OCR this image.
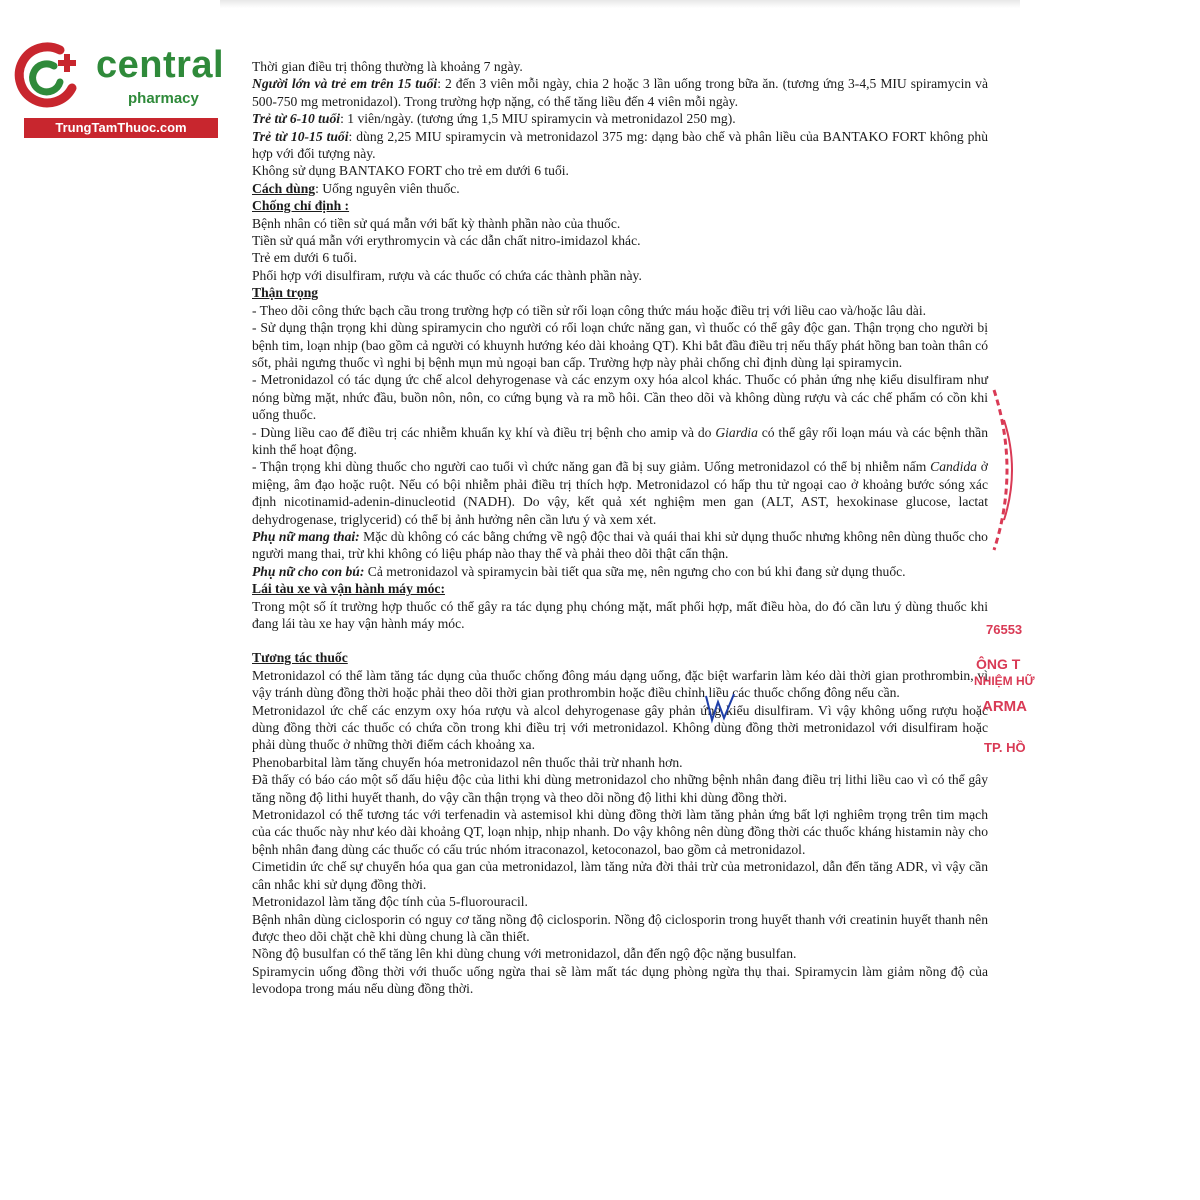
central
pharmacy
TrungTamThuoc.com

Thời gian điều trị thông thường là khoảng 7 ngày.

Người lớn và trẻ em trên 15 tuổi: 2 đến 3 viên mỗi ngày, chia 2 hoặc 3 lần uống trong bữa ăn. (tương ứng 3-4,5 MIU spiramycin và 500-750 mg metronidazol). Trong trường hợp nặng, có thể tăng liều đến 4 viên mỗi ngày.

Trẻ từ 6-10 tuổi: 1 viên/ngày. (tương ứng 1,5 MIU spiramycin và metronidazol 250 mg).

Trẻ từ 10-15 tuổi: dùng 2,25 MIU spiramycin và metronidazol 375 mg: dạng bào chế và phân liều của BANTAKO FORT không phù hợp với đối tượng này.

Không sử dụng BANTAKO FORT cho trẻ em dưới 6 tuổi.

Cách dùng: Uống nguyên viên thuốc.

Chống chỉ định :

Bệnh nhân có tiền sử quá mẫn với bất kỳ thành phần nào của thuốc.

Tiền sử quá mẫn với erythromycin và các dẫn chất nitro-imidazol khác.

Trẻ em dưới 6 tuổi.

Phối hợp với disulfiram, rượu và các thuốc có chứa các thành phần này.

Thận trọng

- Theo dõi công thức bạch cầu trong trường hợp có tiền sử rối loạn công thức máu hoặc điều trị với liều cao và/hoặc lâu dài.

- Sử dụng thận trọng khi dùng spiramycin cho người có rối loạn chức năng gan, vì thuốc có thể gây độc gan. Thận trọng cho người bị bệnh tim, loạn nhịp (bao gồm cả người có khuynh hướng kéo dài khoảng QT). Khi bắt đầu điều trị nếu thấy phát hồng ban toàn thân có sốt, phải ngưng thuốc vì nghi bị bệnh mụn mủ ngoại ban cấp. Trường hợp này phải chống chỉ định dùng lại spiramycin.

- Metronidazol có tác dụng ức chế alcol dehyrogenase và các enzym oxy hóa alcol khác. Thuốc có phản ứng nhẹ kiểu disulfiram như nóng bừng mặt, nhức đầu, buồn nôn, nôn, co cứng bụng và ra mồ hôi. Cần theo dõi và không dùng rượu và các chế phẩm có cồn khi uống thuốc.

- Dùng liều cao để điều trị các nhiễm khuẩn kỵ khí và điều trị bệnh cho amip và do Giardia có thể gây rối loạn máu và các bệnh thần kinh thể hoạt động.

- Thận trọng khi dùng thuốc cho người cao tuổi vì chức năng gan đã bị suy giảm. Uống metronidazol có thể bị nhiễm nấm Candida ở miệng, âm đạo hoặc ruột. Nếu có bội nhiễm phải điều trị thích hợp. Metronidazol có hấp thu tử ngoại cao ở khoảng bước sóng xác định nicotinamid-adenin-dinucleotid (NADH). Do vậy, kết quả xét nghiệm men gan (ALT, AST, hexokinase glucose, lactat dehydrogenase, triglycerid) có thể bị ảnh hưởng nên cần lưu ý và xem xét.

Phụ nữ mang thai: Mặc dù không có các bằng chứng về ngộ độc thai và quái thai khi sử dụng thuốc nhưng không nên dùng thuốc cho người mang thai, trừ khi không có liệu pháp nào thay thế và phải theo dõi thật cẩn thận.

Phụ nữ cho con bú: Cả metronidazol và spiramycin bài tiết qua sữa mẹ, nên ngưng cho con bú khi đang sử dụng thuốc.

Lái tàu xe và vận hành máy móc:

Trong một số ít trường hợp thuốc có thể gây ra tác dụng phụ chóng mặt, mất phối hợp, mất điều hòa, do đó cần lưu ý dùng thuốc khi đang lái tàu xe hay vận hành máy móc.

Tương tác thuốc

Metronidazol có thể làm tăng tác dụng của thuốc chống đông máu dạng uống, đặc biệt warfarin làm kéo dài thời gian prothrombin, vì vậy tránh dùng đồng thời hoặc phải theo dõi thời gian prothrombin hoặc điều chỉnh liều các thuốc chống đông nếu cần.

Metronidazol ức chế các enzym oxy hóa rượu và alcol dehyrogenase gây phản ứng kiểu disulfiram. Vì vậy không uống rượu hoặc dùng đồng thời các thuốc có chứa cồn trong khi điều trị với metronidazol. Không dùng đồng thời metronidazol với disulfiram hoặc phải dùng thuốc ở những thời điểm cách khoảng xa.

Phenobarbital làm tăng chuyển hóa metronidazol nên thuốc thải trừ nhanh hơn.

Đã thấy có báo cáo một số dấu hiệu độc của lithi khi dùng metronidazol cho những bệnh nhân đang điều trị lithi liều cao vì có thể gây tăng nồng độ lithi huyết thanh, do vậy cần thận trọng và theo dõi nồng độ lithi khi dùng đồng thời.

Metronidazol có thể tương tác với terfenadin và astemisol khi dùng đồng thời làm tăng phản ứng bất lợi nghiêm trọng trên tim mạch của các thuốc này như kéo dài khoảng QT, loạn nhịp, nhịp nhanh. Do vậy không nên dùng đồng thời các thuốc kháng histamin này cho bệnh nhân đang dùng các thuốc có cấu trúc nhóm itraconazol, ketoconazol, bao gồm cả metronidazol.

Cimetidin ức chế sự chuyển hóa qua gan của metronidazol, làm tăng nửa đời thải trừ của metronidazol, dẫn đến tăng ADR, vì vậy cần cân nhắc khi sử dụng đồng thời.

Metronidazol làm tăng độc tính của 5-fluorouracil.

Bệnh nhân dùng ciclosporin có nguy cơ tăng nồng độ ciclosporin. Nồng độ ciclosporin trong huyết thanh với creatinin huyết thanh nên được theo dõi chặt chẽ khi dùng chung là cần thiết.

Nồng độ busulfan có thể tăng lên khi dùng chung với metronidazol, dẫn đến ngộ độc nặng busulfan.

Spiramycin uống đồng thời với thuốc uống ngừa thai sẽ làm mất tác dụng phòng ngừa thụ thai. Spiramycin làm giảm nồng độ của levodopa trong máu nếu dùng đồng thời.

76553
ÔNG T
NHIỆM HỮ
ARMA
TP. HỒ
